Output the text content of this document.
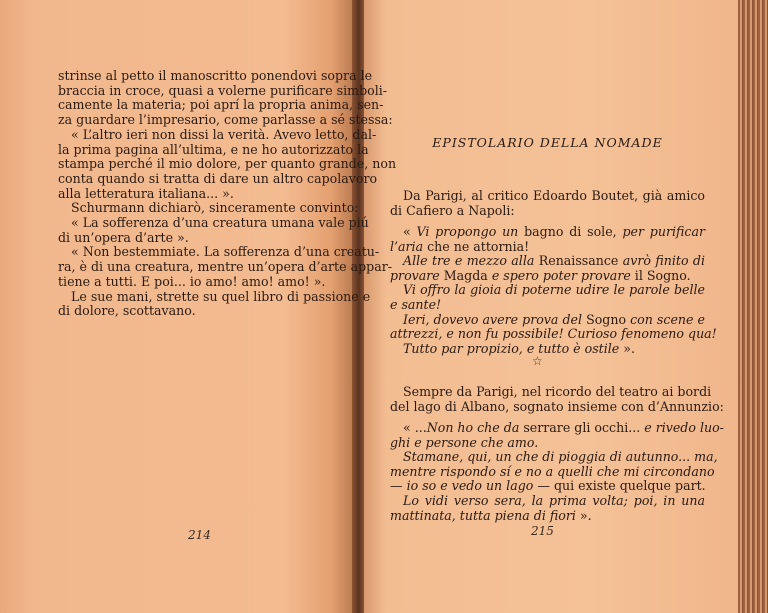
strinse al petto il manoscritto ponendovi sopra le
braccia in croce, quasi a volerne purificare simboli-
camente la materia; poi aprí la propria anima, sen-
za guardare l’impresario, come parlasse a sé stessa:
« L’altro ieri non dissi la verità. Avevo letto, dal-
la prima pagina all’ultima, e ne ho autorizzato la
stampa perché il mio dolore, per quanto grande, non
conta quando si tratta di dare un altro capolavoro
alla letteratura italiana... ».
Schurmann dichiarò, sinceramente convinto:
« La sofferenza d’una creatura umana vale piú
di un’opera d’arte ».
« Non bestemmiate. La sofferenza d’una creatu-
ra, è di una creatura, mentre un’opera d’arte appar-
tiene a tutti. E poi... io amo! amo! amo! ».
Le sue mani, strette su quel libro di passione e
di dolore, scottavano.
Da Parigi, al critico Edoardo Boutet, già amico
di Cafiero a Napoli:
« Vi propongo un bagno di sole, per purificar
l’aria che ne attornia!
Alle tre e mezzo alla Renaissance avrò finito di
provare Magda e spero poter provare il Sogno.
Vi offro la gioia di poterne udire le parole belle
e sante!
Ieri, dovevo avere prova del Sogno con scene e
attrezzi, e non fu possibile! Curioso fenomeno qua!
Tutto par propizio, e tutto è ostile ».
Sempre da Parigi, nel ricordo del teatro ai bordi
del lago di Albano, sognato insieme con d’Annunzio:
« ...Non ho che da serrare gli occhi... e rivedo luo-
ghi e persone che amo.
Stamane, qui, un che di pioggia di autunno... ma,
mentre rispondo sí e no a quelli che mi circondano
— io so e vedo un lago — qui existe quelque part.
Lo vidi verso sera, la prima volta; poi, in una
mattinata, tutta piena di fiori ».
EPISTOLARIO DELLA NOMADE
☆
214	215
